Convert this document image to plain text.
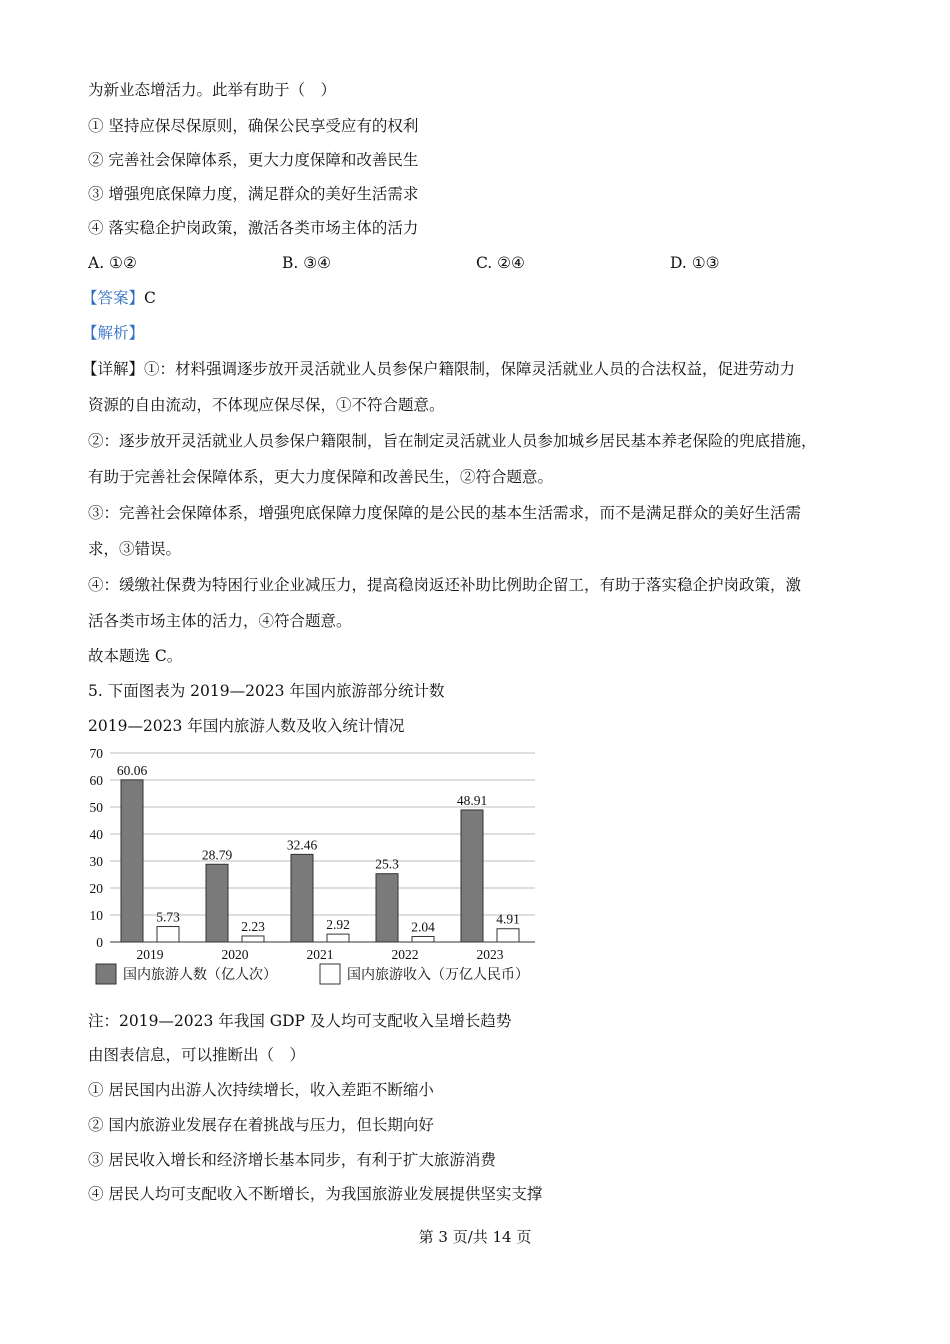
为新业态增活力。此举有助于（　）
① 坚持应保尽保原则，确保公民享受应有的权利
② 完善社会保障体系，更大力度保障和改善民生
③ 增强兜底保障力度，满足群众的美好生活需求
④ 落实稳企护岗政策，激活各类市场主体的活力
A. ①②	B. ③④	C. ②④	D. ①③
【答案】C
【解析】
【详解】①：材料强调逐步放开灵活就业人员参保户籍限制，保障灵活就业人员的合法权益，促进劳动力
资源的自由流动，不体现应保尽保，①不符合题意。
②：逐步放开灵活就业人员参保户籍限制，旨在制定灵活就业人员参加城乡居民基本养老保险的兜底措施，
有助于完善社会保障体系，更大力度保障和改善民生，②符合题意。
③：完善社会保障体系，增强兜底保障力度保障的是公民的基本生活需求，而不是满足群众的美好生活需
求，③错误。
④：缓缴社保费为特困行业企业减压力，提高稳岗返还补助比例助企留工，有助于落实稳企护岗政策，激
活各类市场主体的活力，④符合题意。
故本题选 C。
5. 下面图表为 2019—2023 年国内旅游部分统计数
2019—2023 年国内旅游人数及收入统计情况
0
10
20
30
40
50
60
70
60.06
5.73
2019
28.79
2.23
2020
32.46
2.92
2021
25.3
2.04
2022
48.91
4.91
2023
国内旅游人数（亿人次）	国内旅游收入（万亿人民币）
注：2019—2023 年我国 GDP 及人均可支配收入呈增长趋势
由图表信息，可以推断出（　）
① 居民国内出游人次持续增长，收入差距不断缩小
② 国内旅游业发展存在着挑战与压力，但长期向好
③ 居民收入增长和经济增长基本同步，有利于扩大旅游消费
④ 居民人均可支配收入不断增长，为我国旅游业发展提供坚实支撑
第 3 页/共 14 页
